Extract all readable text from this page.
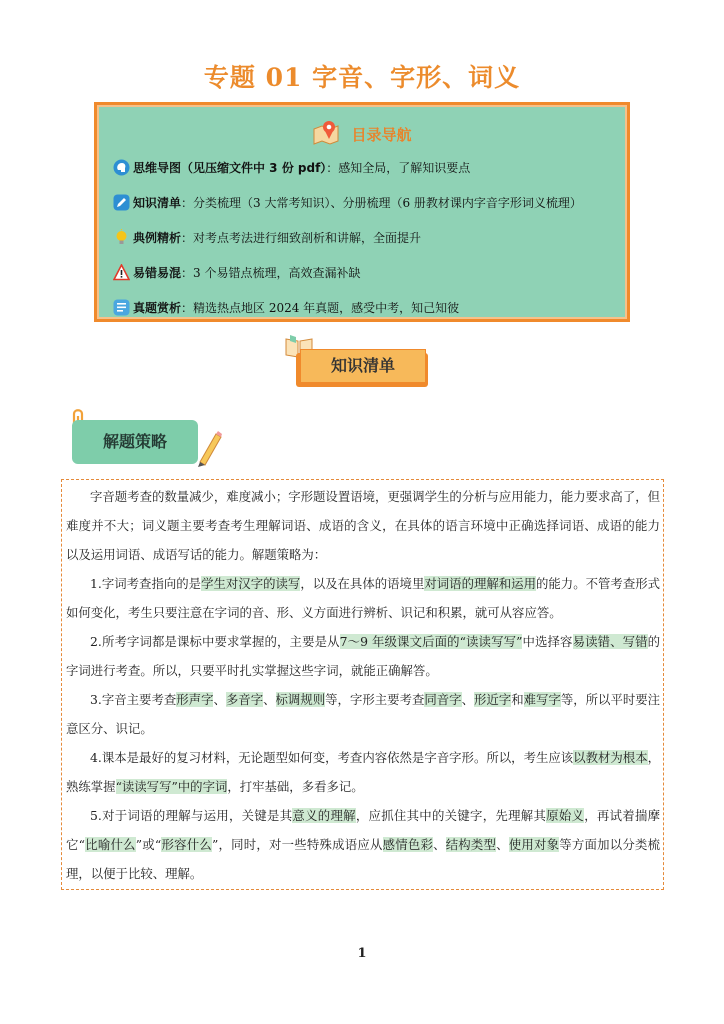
专题 01 字音、字形、词义
目录导航
思维导图（见压缩文件中 3 份 pdf）：感知全局，了解知识要点
知识清单：分类梳理（3 大常考知识）、分册梳理（6 册教材课内字音字形词义梳理）
典例精析：对考点考法进行细致剖析和讲解，全面提升
易错易混：3 个易错点梳理，高效查漏补缺
真题赏析：精选热点地区 2024 年真题，感受中考，知己知彼
知识清单
解题策略

字音题考查的数量减少，难度减小；字形题设置语境，更强调学生的分析与应用能力，能力要求高了，但难度并不大；词义题主要考查考生理解词语、成语的含义，在具体的语言环境中正确选择词语、成语的能力以及运用词语、成语写话的能力。解题策略为：

1.字词考查指向的是学生对汉字的读写，以及在具体的语境里对词语的理解和运用的能力。不管考查形式如何变化，考生只要注意在字词的音、形、义方面进行辨析、识记和积累，就可从容应答。

2.所考字词都是课标中要求掌握的，主要是从7～9 年级课文后面的“读读写写”中选择容易读错、写错的字词进行考查。所以，只要平时扎实掌握这些字词，就能正确解答。

3.字音主要考查形声字、多音字、标调规则等，字形主要考查同音字、形近字和难写字等，所以平时要注意区分、识记。

4.课本是最好的复习材料，无论题型如何变，考查内容依然是字音字形。所以，考生应该以教材为根本，熟练掌握“读读写写”中的字词，打牢基础，多看多记。

5.对于词语的理解与运用，关键是其意义的理解，应抓住其中的关键字，先理解其原始义，再试着揣摩它“比喻什么”或“形容什么”，同时，对一些特殊成语应从感情色彩、结构类型、使用对象等方面加以分类梳理，以便于比较、理解。

1
